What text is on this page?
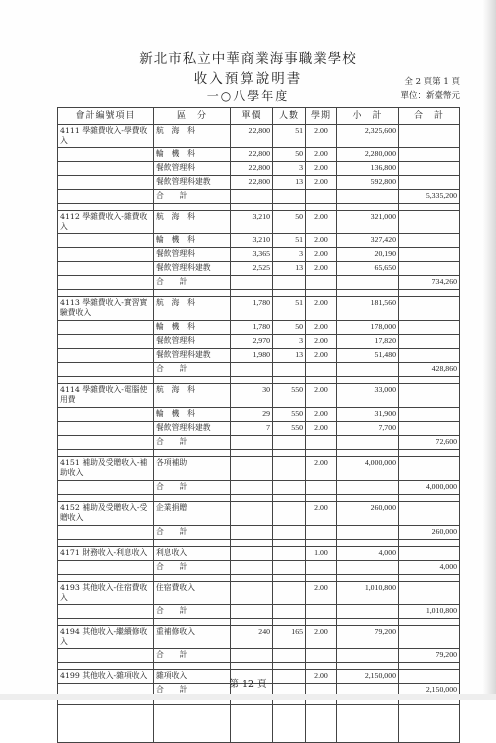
新北市私立中華商業海事職業學校
收入預算說明書
一○八學年度
全 2 頁第 1 頁
單位：新臺幣元
會計編號項目	區　分	單價	人數	學期	小　計	合　計
4111 學雜費收入-學費收入	航　海　科	22,800	51	2.00	2,325,600	
	輪　機　科	22,800	50	2.00	2,280,000	
	餐飲管理科	22,800	3	2.00	136,800	
	餐飲管理科建教	22,800	13	2.00	592,800	
	合　計					5,335,200

4112 學雜費收入-雜費收入	航　海　科	3,210	50	2.00	321,000	
	輪　機　科	3,210	51	2.00	327,420	
	餐飲管理科	3,365	3	2.00	20,190	
	餐飲管理科建教	2,525	13	2.00	65,650	
	合　計					734,260

4113 學雜費收入-實習實驗費收入	航　海　科	1,780	51	2.00	181,560	
	輪　機　科	1,780	50	2.00	178,000	
	餐飲管理科	2,970	3	2.00	17,820	
	餐飲管理科建教	1,980	13	2.00	51,480	
	合　計					428,860

4114 學雜費收入-電腦使用費	航　海　科	30	550	2.00	33,000	
	輪　機　科	29	550	2.00	31,900	
	餐飲管理科建教	7	550	2.00	7,700	
	合　計					72,600

4151 補助及受贈收入-補助收入	各項補助			2.00	4,000,000	
	合　計					4,000,000

4152 補助及受贈收入-受贈收入	企業捐贈			2.00	260,000	
	合　計					260,000

4171 財務收入-利息收入	利息收入			1.00	4,000	
	合　計					4,000

4193 其他收入-住宿費收入	住宿費收入			2.00	1,010,800	
	合　計					1,010,800

4194 其他收入-繼續修收入	重補修收入	240	165	2.00	79,200	
	合　計					79,200

4199 其他收入-雜項收入	雜項收入			2.00	2,150,000	
	合　計					2,150,000

第 12 頁
